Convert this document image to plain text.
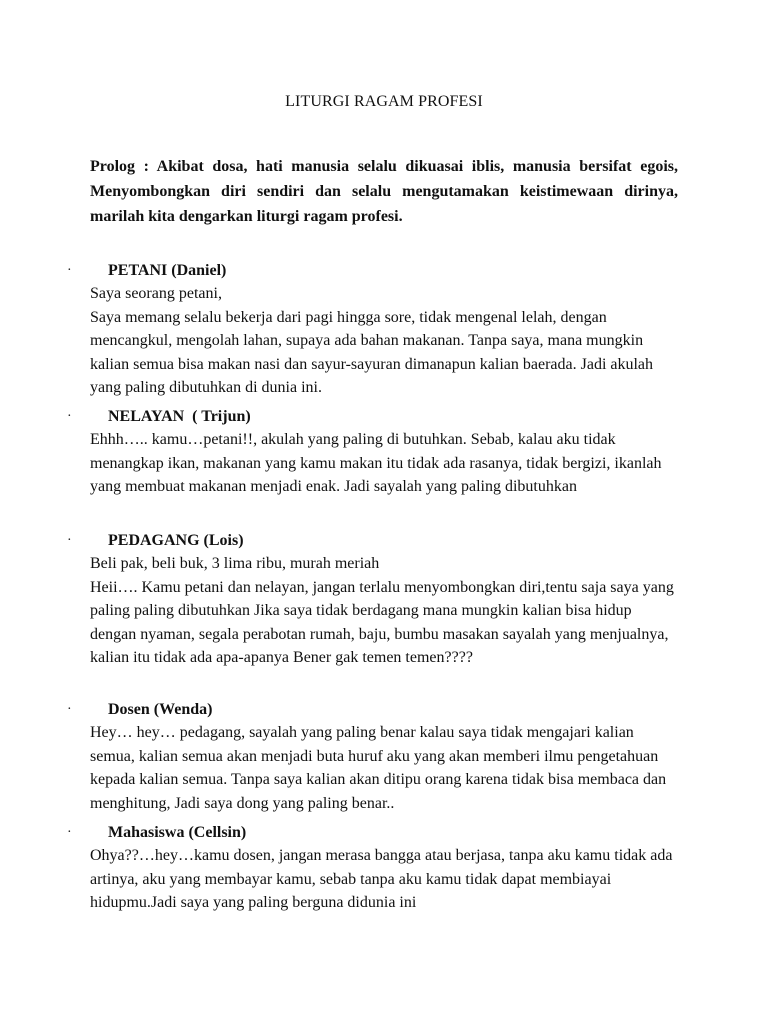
LITURGI RAGAM PROFESI

Prolog : Akibat dosa, hati manusia selalu dikuasai iblis, manusia bersifat egois, Menyombongkan diri sendiri dan selalu mengutamakan keistimewaan dirinya, marilah kita dengarkan liturgi ragam profesi.

· PETANI (Daniel)
Saya seorang petani,
Saya memang selalu bekerja dari pagi hingga sore, tidak mengenal lelah, dengan mencangkul, mengolah lahan, supaya ada bahan makanan. Tanpa saya, mana mungkin kalian semua bisa makan nasi dan sayur-sayuran dimanapun kalian baerada. Jadi akulah yang paling dibutuhkan di dunia ini.
· NELAYAN  ( Trijun)
Ehhh….. kamu…petani!!, akulah yang paling di butuhkan. Sebab, kalau aku tidak menangkap ikan, makanan yang kamu makan itu tidak ada rasanya, tidak bergizi, ikanlah yang membuat makanan menjadi enak. Jadi sayalah yang paling dibutuhkan
· PEDAGANG (Lois)
Beli pak, beli buk, 3 lima ribu, murah meriah
Heii…. Kamu petani dan nelayan, jangan terlalu menyombongkan diri,tentu saja saya yang paling paling dibutuhkan Jika saya tidak berdagang mana mungkin kalian bisa hidup dengan nyaman, segala perabotan rumah, baju, bumbu masakan sayalah yang menjualnya, kalian itu tidak ada apa-apanya Bener gak temen temen????
· Dosen (Wenda)
Hey… hey… pedagang, sayalah yang paling benar kalau saya tidak mengajari kalian semua, kalian semua akan menjadi buta huruf aku yang akan memberi ilmu pengetahuan kepada kalian semua. Tanpa saya kalian akan ditipu orang karena tidak bisa membaca dan menghitung, Jadi saya dong yang paling benar..
· Mahasiswa (Cellsin)
Ohya??…hey…kamu dosen, jangan merasa bangga atau berjasa, tanpa aku kamu tidak ada artinya, aku yang membayar kamu, sebab tanpa aku kamu tidak dapat membiayai hidupmu.Jadi saya yang paling berguna didunia ini
